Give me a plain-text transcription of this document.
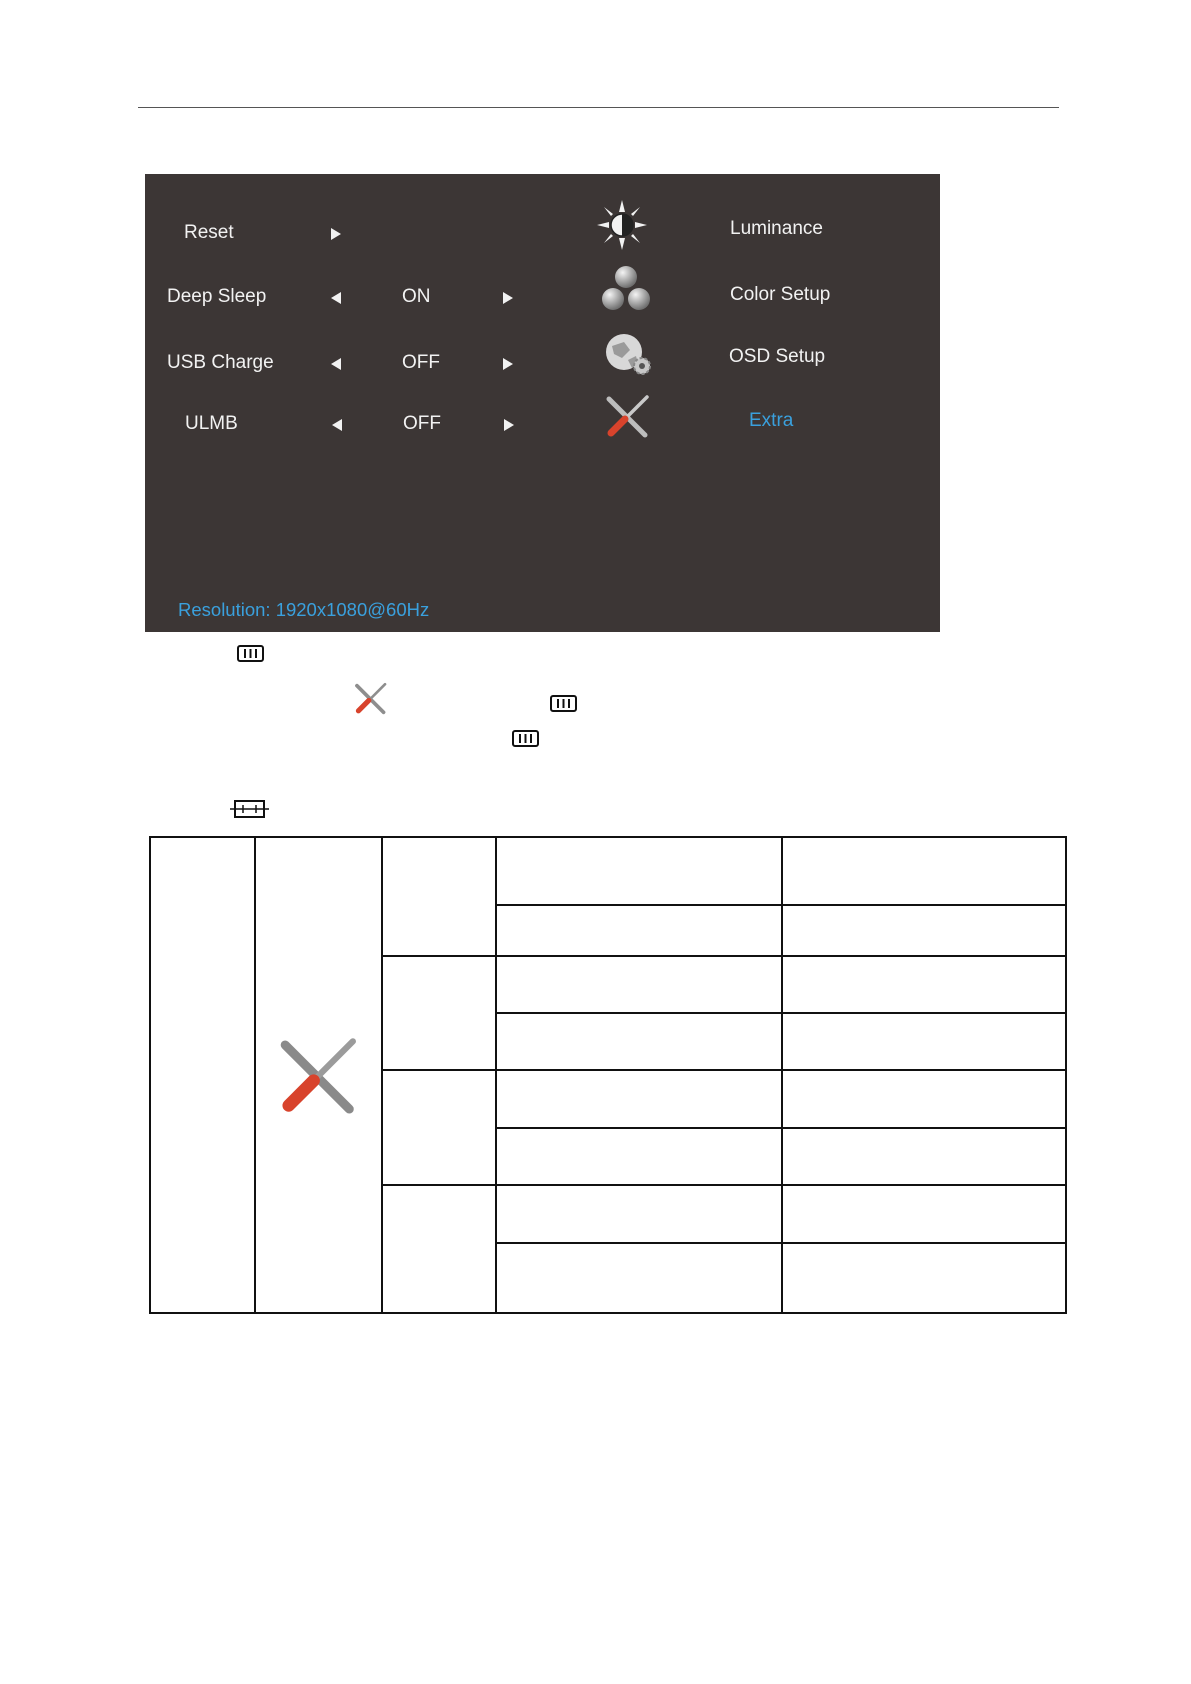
Reset
Deep Sleep	ON
USB Charge	OFF
ULMB	OFF
Luminance
Color Setup
OSD Setup
Extra
Resolution: 1920x1080@60Hz
